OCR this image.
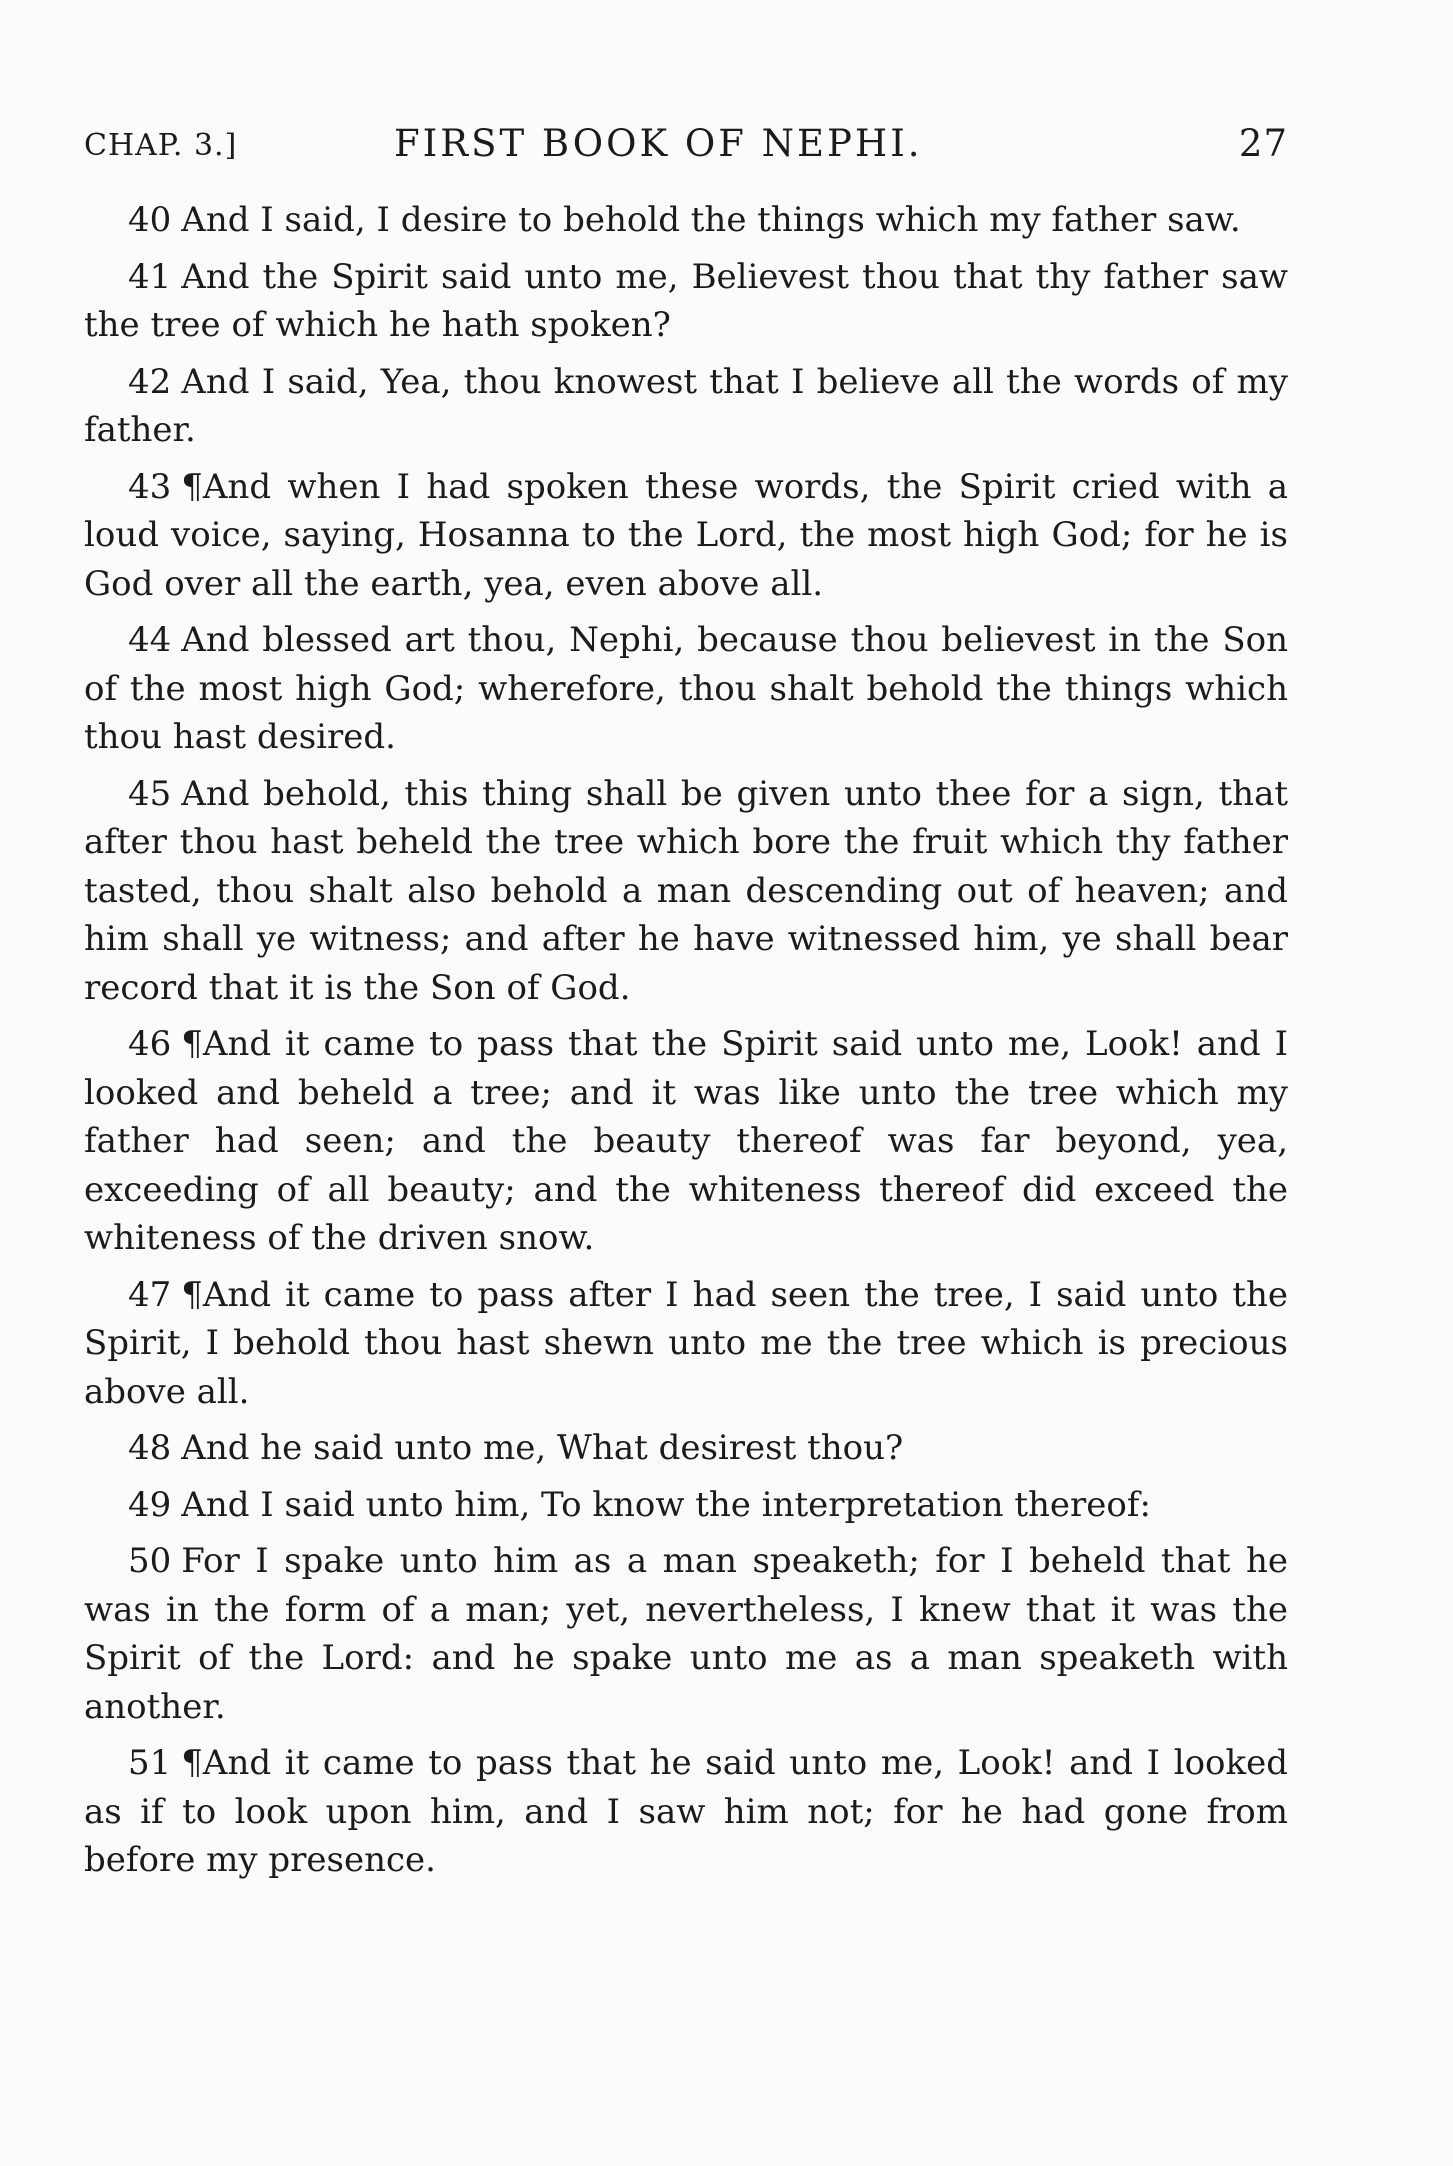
CHAP. 3.]	FIRST BOOK OF NEPHI.	27

40 And I said, I desire to behold the things which my father saw.

41 And the Spirit said unto me, Believest thou that thy father saw the tree of which he hath spoken?

42 And I said, Yea, thou knowest that I believe all the words of my father.

43 ¶And when I had spoken these words, the Spirit cried with a loud voice, saying, Hosanna to the Lord, the most high God; for he is God over all the earth, yea, even above all.

44 And blessed art thou, Nephi, because thou believest in the Son of the most high God; wherefore, thou shalt behold the things which thou hast desired.

45 And behold, this thing shall be given unto thee for a sign, that after thou hast beheld the tree which bore the fruit which thy father tasted, thou shalt also behold a man descending out of heaven; and him shall ye witness; and after he have witnessed him, ye shall bear record that it is the Son of God.

46 ¶And it came to pass that the Spirit said unto me, Look! and I looked and beheld a tree; and it was like unto the tree which my father had seen; and the beauty thereof was far beyond, yea, exceeding of all beauty; and the whiteness thereof did exceed the whiteness of the driven snow.

47 ¶And it came to pass after I had seen the tree, I said unto the Spirit, I behold thou hast shewn unto me the tree which is precious above all.

48 And he said unto me, What desirest thou?

49 And I said unto him, To know the interpretation thereof:

50 For I spake unto him as a man speaketh; for I beheld that he was in the form of a man; yet, nevertheless, I knew that it was the Spirit of the Lord: and he spake unto me as a man speaketh with another.

51 ¶And it came to pass that he said unto me, Look! and I looked as if to look upon him, and I saw him not; for he had gone from before my presence.
